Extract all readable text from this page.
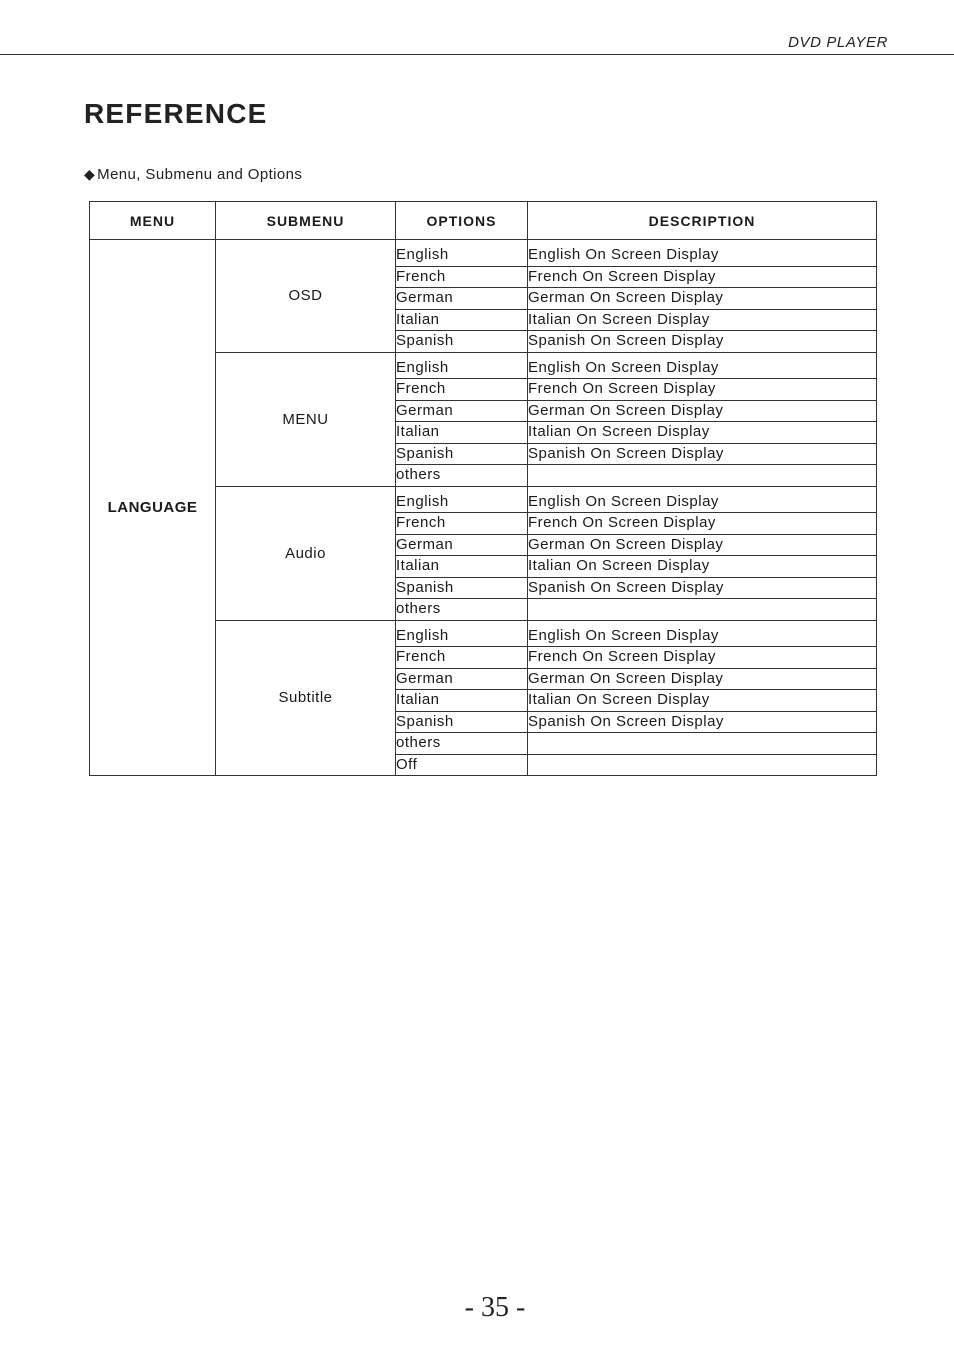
DVD PLAYER
REFERENCE
◆ Menu, Submenu and Options
MENU	SUBMENU	OPTIONS	DESCRIPTION
LANGUAGE	OSD	English	English On Screen Display
		French	French On Screen Display
		German	German On Screen Display
		Italian	Italian On Screen Display
		Spanish	Spanish On Screen Display
	MENU	English	English On Screen Display
		French	French On Screen Display
		German	German On Screen Display
		Italian	Italian On Screen Display
		Spanish	Spanish On Screen Display
		others	
	Audio	English	English On Screen Display
		French	French On Screen Display
		German	German On Screen Display
		Italian	Italian On Screen Display
		Spanish	Spanish On Screen Display
		others	
	Subtitle	English	English On Screen Display
		French	French On Screen Display
		German	German On Screen Display
		Italian	Italian On Screen Display
		Spanish	Spanish On Screen Display
		others	
		Off	
- 35 -
